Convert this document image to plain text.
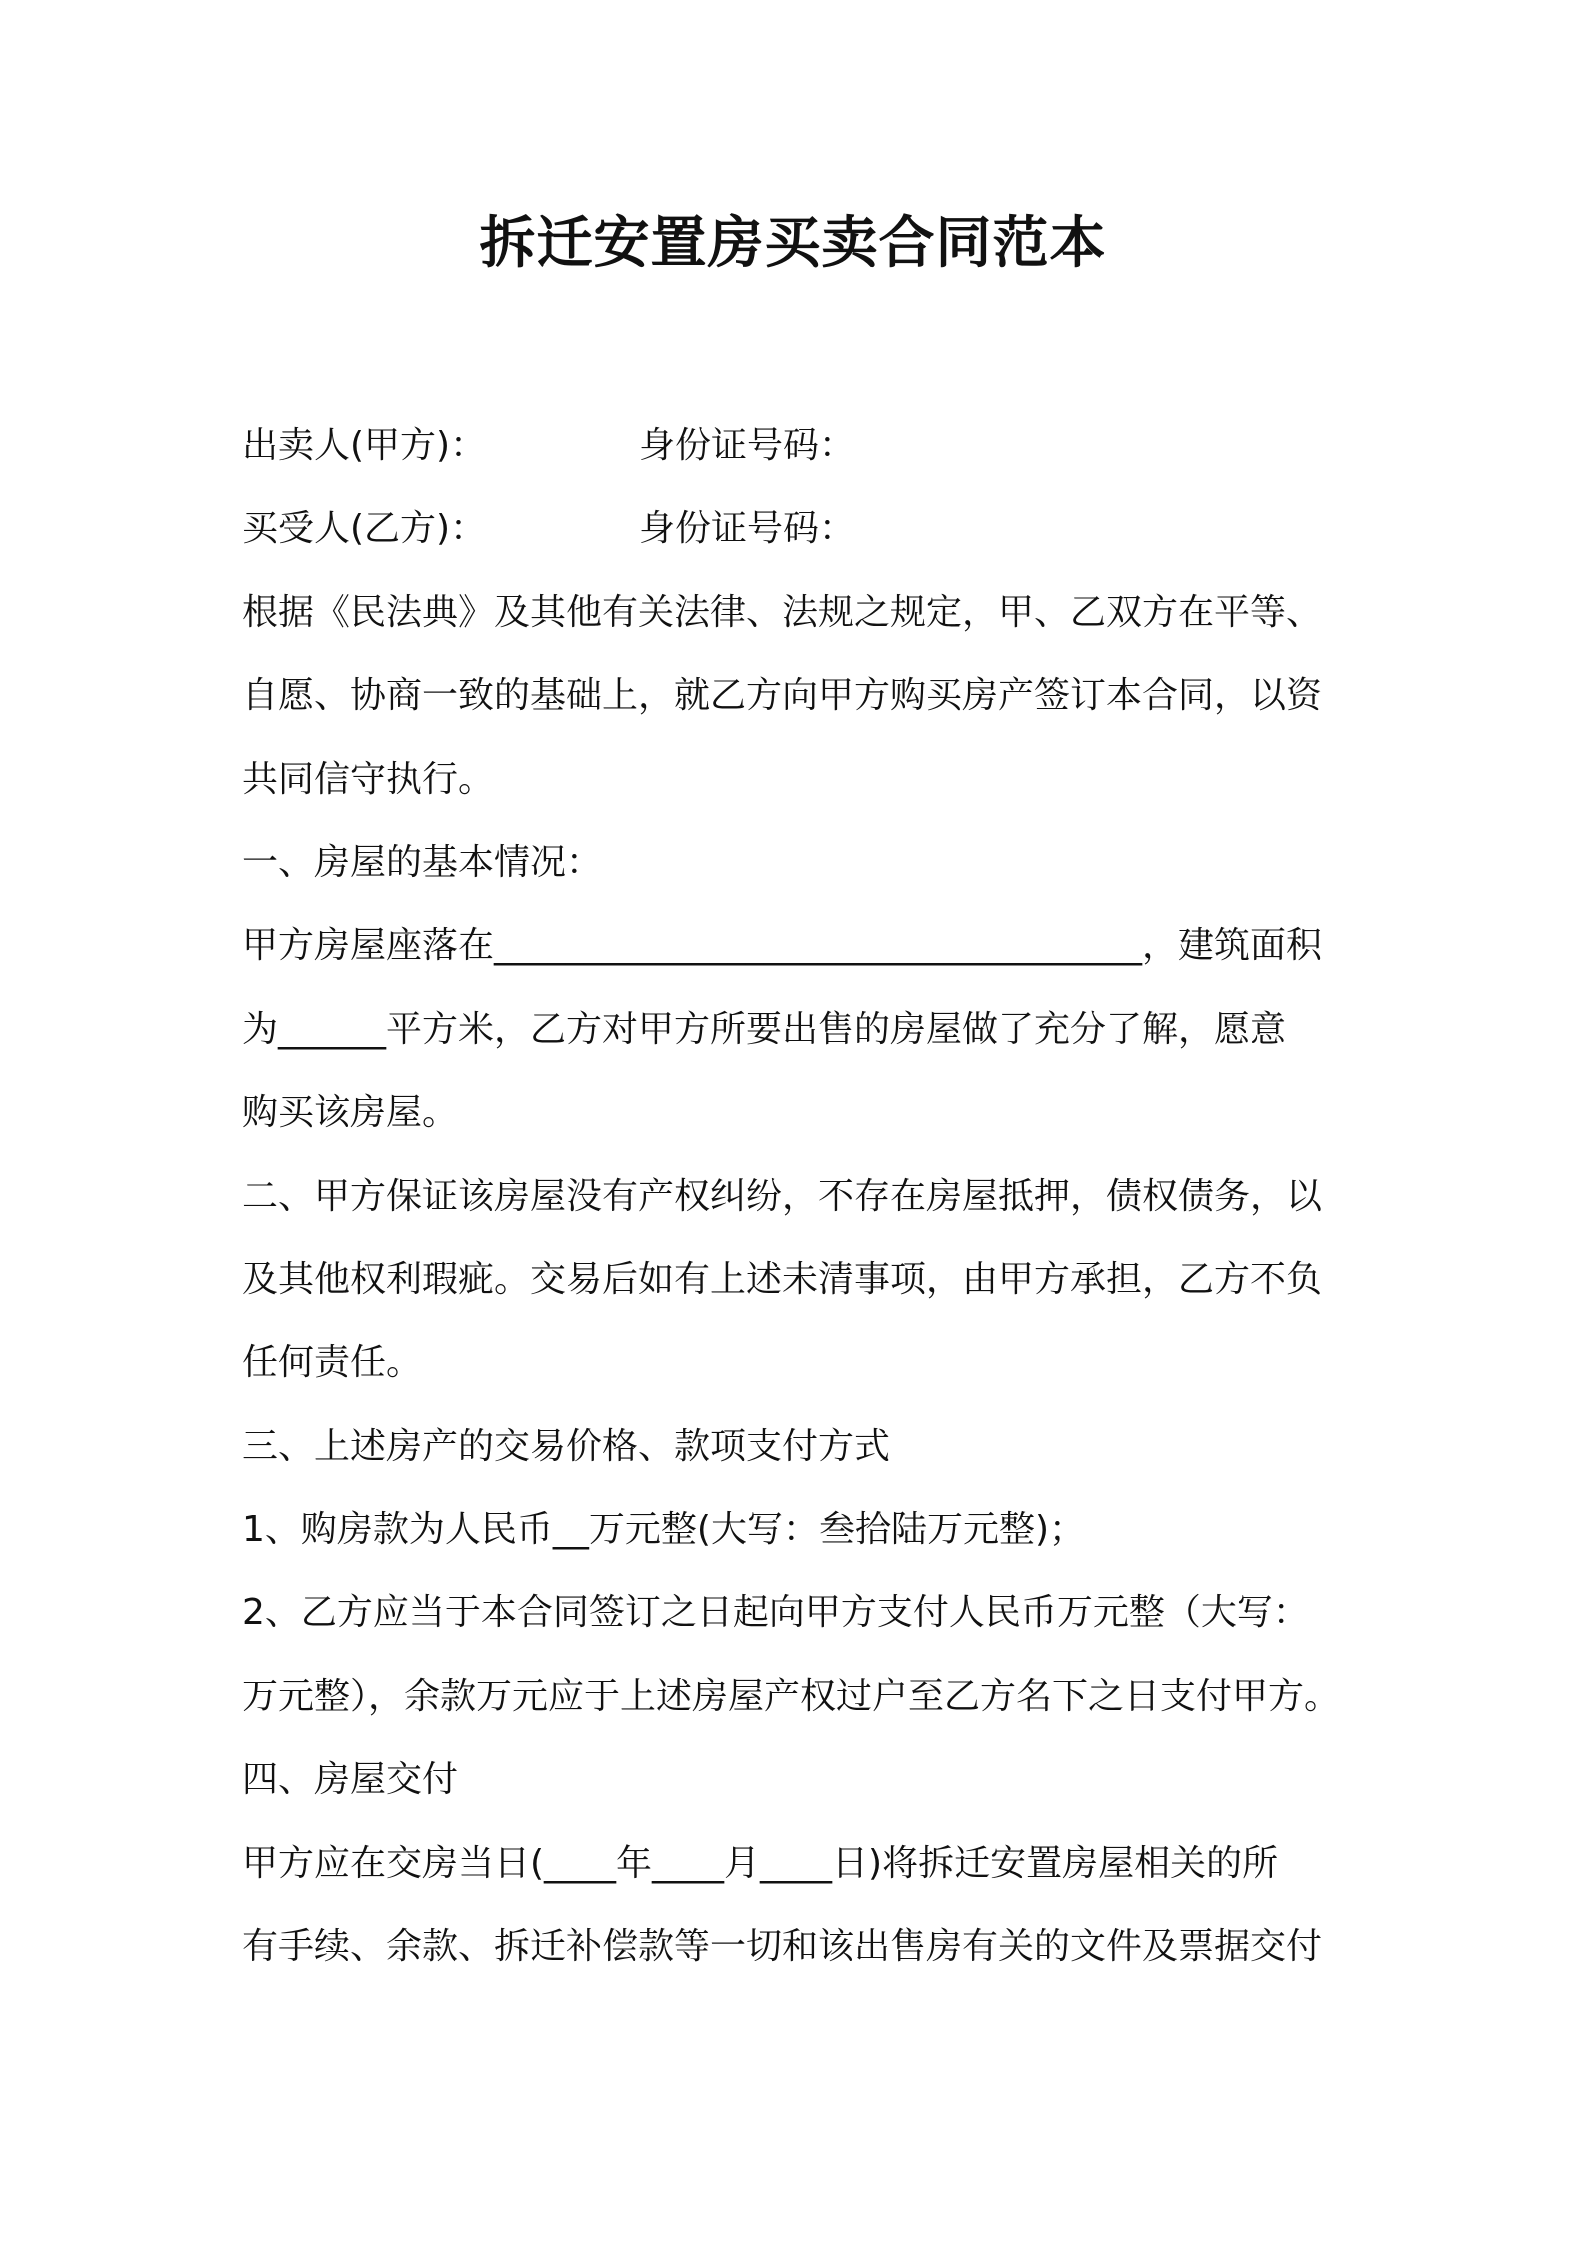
拆迁安置房买卖合同范本
出卖人(甲方)：	身份证号码：
买受人(乙方)：	身份证号码：
根据《民法典》及其他有关法律、法规之规定，甲、乙双方在平等、
自愿、协商一致的基础上，就乙方向甲方购买房产签订本合同，以资
共同信守执行。
一、房屋的基本情况：
甲方房屋座落在____________________________________，建筑面积
为______平方米，乙方对甲方所要出售的房屋做了充分了解，愿意
购买该房屋。
二、甲方保证该房屋没有产权纠纷，不存在房屋抵押，债权债务，以
及其他权利瑕疵。交易后如有上述未清事项，由甲方承担，乙方不负
任何责任。
三、上述房产的交易价格、款项支付方式
1、购房款为人民币__万元整(大写：叁拾陆万元整)；
2、乙方应当于本合同签订之日起向甲方支付人民币万元整（大写：
万元整），余款万元应于上述房屋产权过户至乙方名下之日支付甲方。
四、房屋交付
甲方应在交房当日(____年____月____日)将拆迁安置房屋相关的所
有手续、余款、拆迁补偿款等一切和该出售房有关的文件及票据交付
